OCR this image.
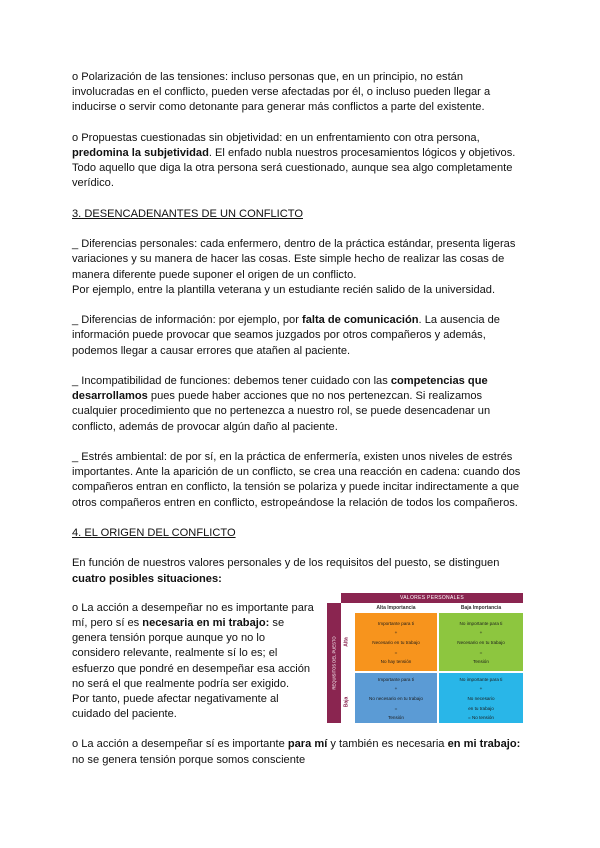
o Polarización de las tensiones: incluso personas que, en un principio, no están involucradas en el conflicto, pueden verse afectadas por él, o incluso pueden llegar a inducirse o servir como detonante para generar más conflictos a parte del existente.

o Propuestas cuestionadas sin objetividad: en un enfrentamiento con otra persona, predomina la subjetividad. El enfado nubla nuestros procesamientos lógicos y objetivos. Todo aquello que diga la otra persona será cuestionado, aunque sea algo completamente verídico.

3. DESENCADENANTES DE UN CONFLICTO

_ Diferencias personales: cada enfermero, dentro de la práctica estándar, presenta ligeras variaciones y su manera de hacer las cosas. Este simple hecho de realizar las cosas de manera diferente puede suponer el origen de un conflicto.
Por ejemplo, entre la plantilla veterana y un estudiante recién salido de la universidad.

_ Diferencias de información: por ejemplo, por falta de comunicación. La ausencia de información puede provocar que seamos juzgados por otros compañeros y además, podemos llegar a causar errores que atañen al paciente.

_ Incompatibilidad de funciones: debemos tener cuidado con las competencias que desarrollamos pues puede haber acciones que no nos pertenezcan. Si realizamos cualquier procedimiento que no pertenezca a nuestro rol, se puede desencadenar un conflicto, además de provocar algún daño al paciente.

_ Estrés ambiental: de por sí, en la práctica de enfermería, existen unos niveles de estrés importantes. Ante la aparición de un conflicto, se crea una reacción en cadena: cuando dos compañeros entran en conflicto, la tensión se polariza y puede incitar indirectamente a que otros compañeros entren en conflicto, estropeándose la relación de todos los compañeros.

4. EL ORIGEN DEL CONFLICTO

En función de nuestros valores personales y de los requisitos del puesto, se distinguen cuatro posibles situaciones:

o La acción a desempeñar no es importante para mí, pero sí es necesaria en mi trabajo: se genera tensión porque aunque yo no lo considero relevante, realmente sí lo es; el esfuerzo que pondré en desempeñar esa acción no será el que realmente podría ser exigido.
Por tanto, puede afectar negativamente al cuidado del paciente.

VALORES PERSONALES
REQUISITOS DEL PUESTO
Alta Importancia	Baja Importancia
Alta
Baja
Importante para ti
+
Necesario en tu trabajo
=
No hay tensión
No importante para ti
+
Necesario en tu trabajo
=
Tensión
Importante para ti
+
No necesario en tu trabajo
=
Tensión
No importante para ti
+
No necesario
en tu trabajo
= No tensión

o La acción a desempeñar sí es importante para mí y también es necesaria en mi trabajo: no se genera tensión porque somos consciente
